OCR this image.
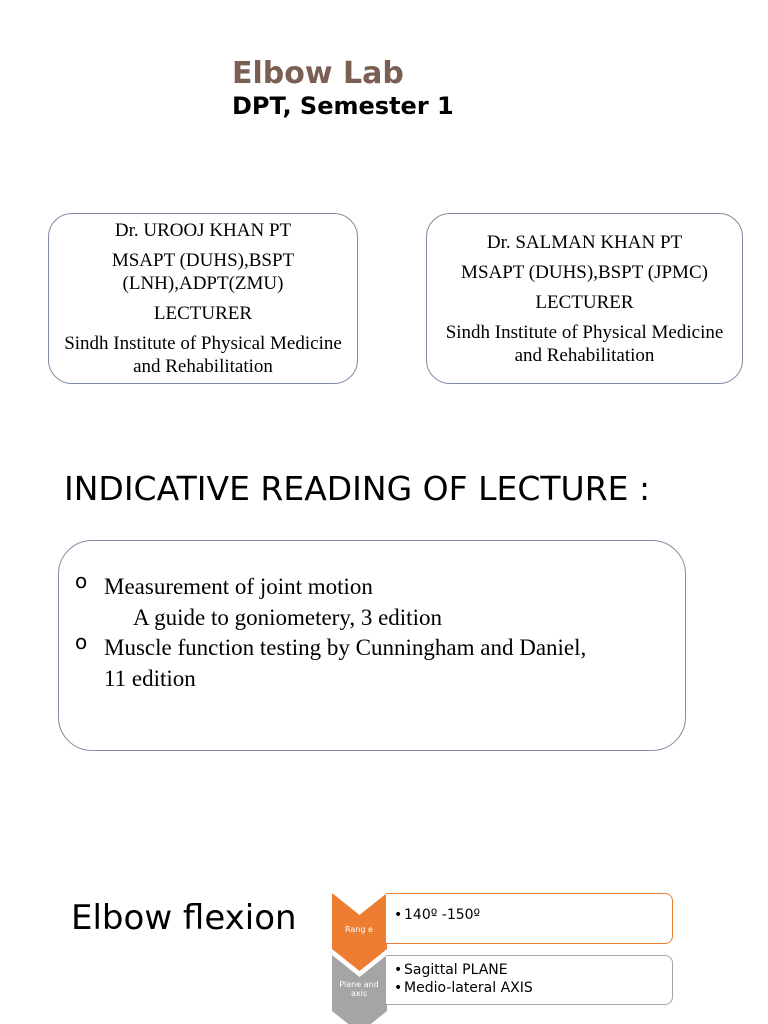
Elbow Lab
DPT, Semester 1

Dr. UROOJ KHAN PT

MSAPT (DUHS),BSPT (LNH),ADPT(ZMU)

LECTURER

Sindh Institute of Physical Medicine and Rehabilitation

Dr. SALMAN KHAN PT

MSAPT (DUHS),BSPT (JPMC)

LECTURER

Sindh Institute of Physical Medicine and Rehabilitation

INDICATIVE READING OF LECTURE :
o Measurement of joint motion
A guide to goniometery, 3 edition
o Muscle function testing by Cunningham and Daniel,
11 edition
Elbow flexion	Rang e
Plane and axis
• 140º -150º
• Sagittal PLANE
• Medio-lateral AXIS
